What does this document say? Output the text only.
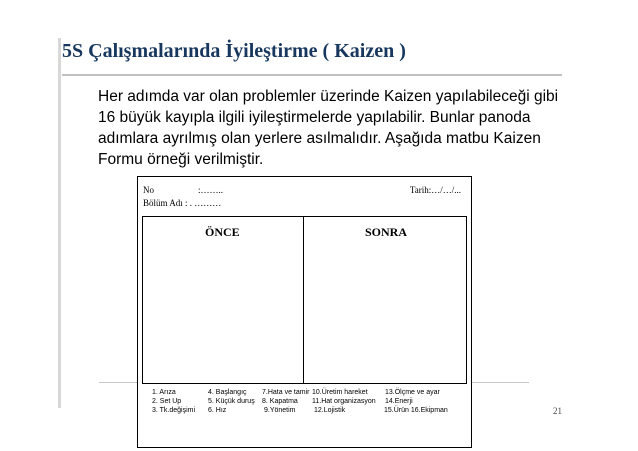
5S Çalışmalarında İyileştirme ( Kaizen )

Her adımda var olan problemler üzerinde Kaizen yapılabileceği gibi
16 büyük kayıpla ilgili iyileştirmelerde yapılabilir. Bunlar panoda
adımlara ayrılmış olan yerlere asılmalıdır. Aşağıda matbu Kaizen
Formu örneği verilmiştir.

No	:……..
Bölüm Adı : . ………
Tarih:…/…/...
ÖNCE	SONRA
1. Arıza	4. Başlangıç 7.Hata ve tamir 10.Üretim hareket 13.Ölçme ve ayar
2. Set Up	5. Küçük duruş 8. Kapatma 11.Hat organizasyon 14.Enerji
3. Tk.değişimi 6. Hız	9.Yönetim	12.Lojistik	15.Ürün 16.Ekipman	21
